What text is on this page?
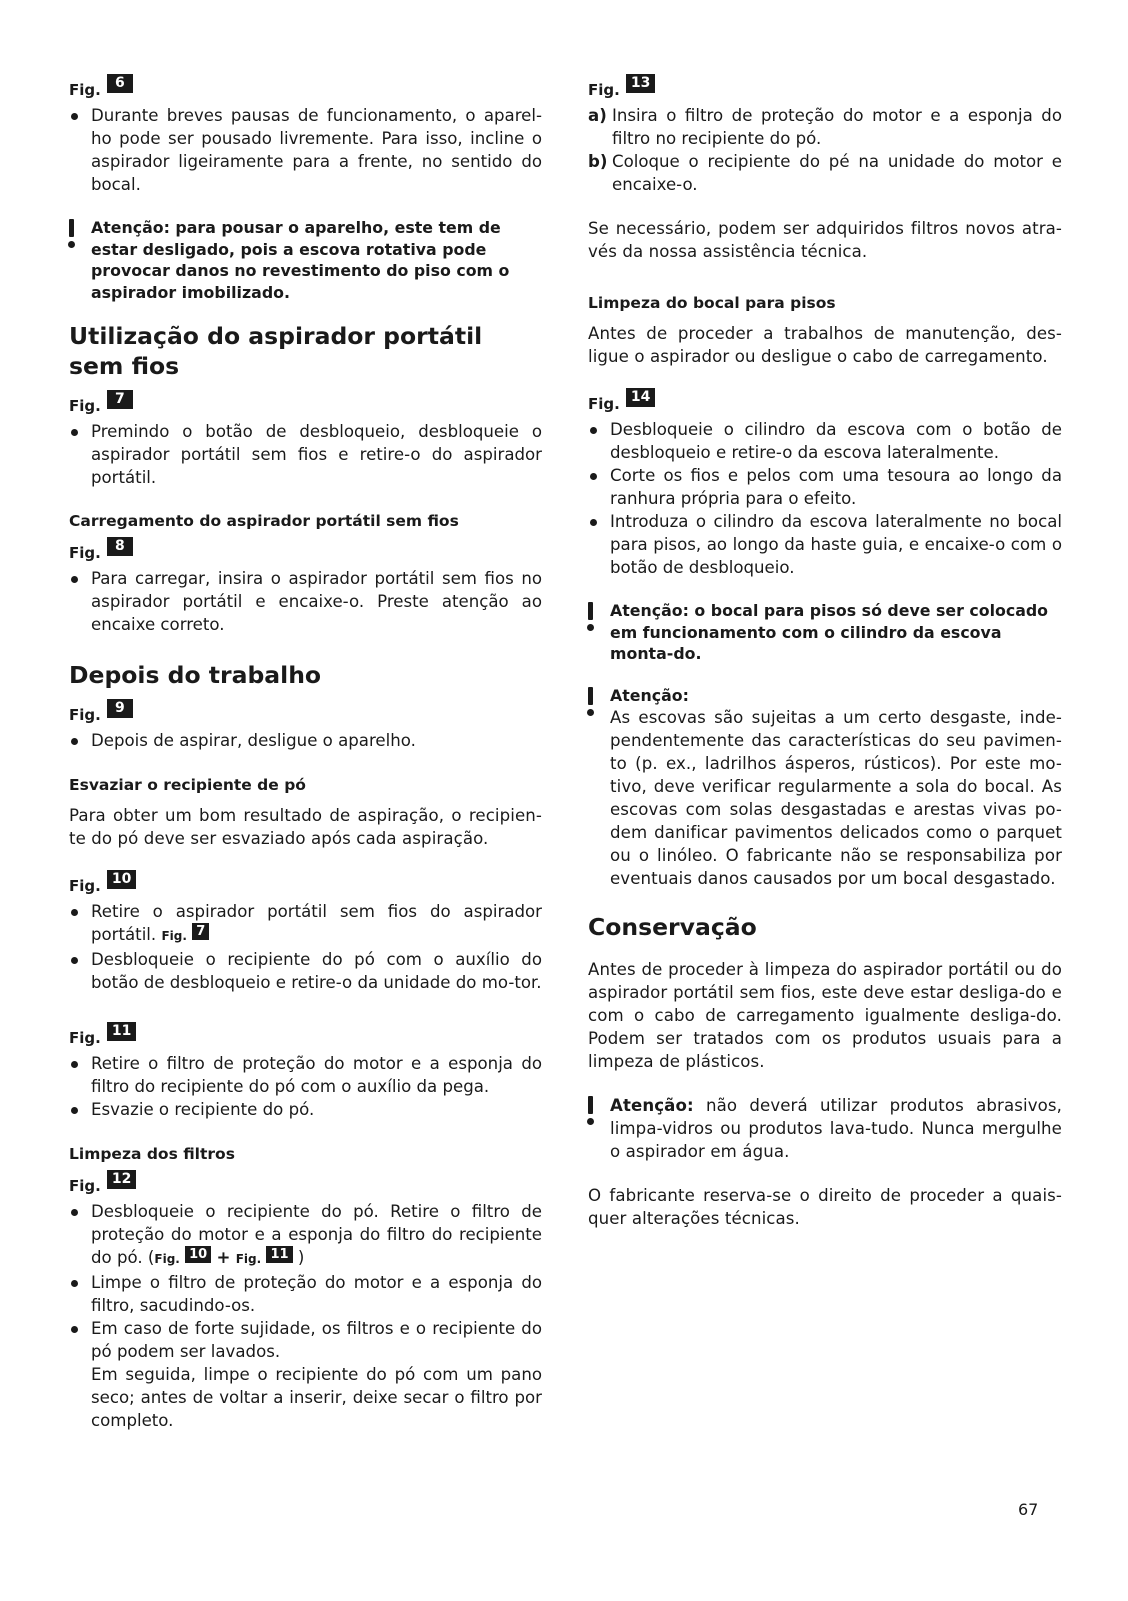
Fig.	6
Durante breves pausas de funcionamento, o aparel-ho pode ser pousado livremente. Para isso, incline o aspirador ligeiramente para a frente, no sentido do bocal.
Atenção: para pousar o aparelho, este tem de estar desligado, pois a escova rotativa pode provocar danos no revestimento do piso com o aspirador imobilizado.
Utilização do aspirador portátil sem fios
Fig.	7
Premindo o botão de desbloqueio, desbloqueie o aspirador portátil sem fios e retire-o do aspirador portátil.
Carregamento do aspirador portátil sem fios
Fig.	8
Para carregar, insira o aspirador portátil sem fios no aspirador portátil e encaixe-o. Preste atenção ao encaixe correto.
Depois do trabalho
Fig.	9
Depois de aspirar, desligue o aparelho.
Esvaziar o recipiente de pó
Para obter um bom resultado de aspiração, o recipien-te do pó deve ser esvaziado após cada aspiração.
Fig. 10
Retire o aspirador portátil sem fios do aspirador portátil. Fig. 7
Desbloqueie o recipiente do pó com o auxílio do botão de desbloqueio e retire-o da unidade do mo-tor.
Fig. 11
Retire o filtro de proteção do motor e a esponja do filtro do recipiente do pó com o auxílio da pega.
Esvazie o recipiente do pó.
Limpeza dos filtros
Fig. 12
Desbloqueie o recipiente do pó. Retire o filtro de proteção do motor e a esponja do filtro do recipiente do pó. (Fig. 10 + Fig. 11 )
Limpe o filtro de proteção do motor e a esponja do filtro, sacudindo-os.
Em caso de forte sujidade, os filtros e o recipiente do pó podem ser lavados.
Em seguida, limpe o recipiente do pó com um pano seco; antes de voltar a inserir, deixe secar o filtro por completo.
Fig. 13
a) Insira o filtro de proteção do motor e a esponja do filtro no recipiente do pó.
b) Coloque o recipiente do pé na unidade do motor e encaixe-o.
Se necessário, podem ser adquiridos filtros novos atra-vés da nossa assistência técnica.
Limpeza do bocal para pisos
Antes de proceder a trabalhos de manutenção, des-ligue o aspirador ou desligue o cabo de carregamento.
Fig. 14
Desbloqueie o cilindro da escova com o botão de desbloqueio e retire-o da escova lateralmente.
Corte os fios e pelos com uma tesoura ao longo da ranhura própria para o efeito.
Introduza o cilindro da escova lateralmente no bocal para pisos, ao longo da haste guia, e encaixe-o com o botão de desbloqueio.
Atenção: o bocal para pisos só deve ser colocado em funcionamento com o cilindro da escova monta-do.
Atenção:
As escovas são sujeitas a um certo desgaste, inde-pendentemente das características do seu pavimen-to (p. ex., ladrilhos ásperos, rústicos). Por este mo-tivo, deve verificar regularmente a sola do bocal. As escovas com solas desgastadas e arestas vivas po-dem danificar pavimentos delicados como o parquet ou o linóleo. O fabricante não se responsabiliza por eventuais danos causados por um bocal desgastado.
Conservação
Antes de proceder à limpeza do aspirador portátil ou do aspirador portátil sem fios, este deve estar desliga-do e com o cabo de carregamento igualmente desliga-do. Podem ser tratados com os produtos usuais para a limpeza de plásticos.
Atenção: não deverá utilizar produtos abrasivos, limpa-vidros ou produtos lava-tudo. Nunca mergulhe o aspirador em água.
O fabricante reserva-se o direito de proceder a quais-quer alterações técnicas.
67
